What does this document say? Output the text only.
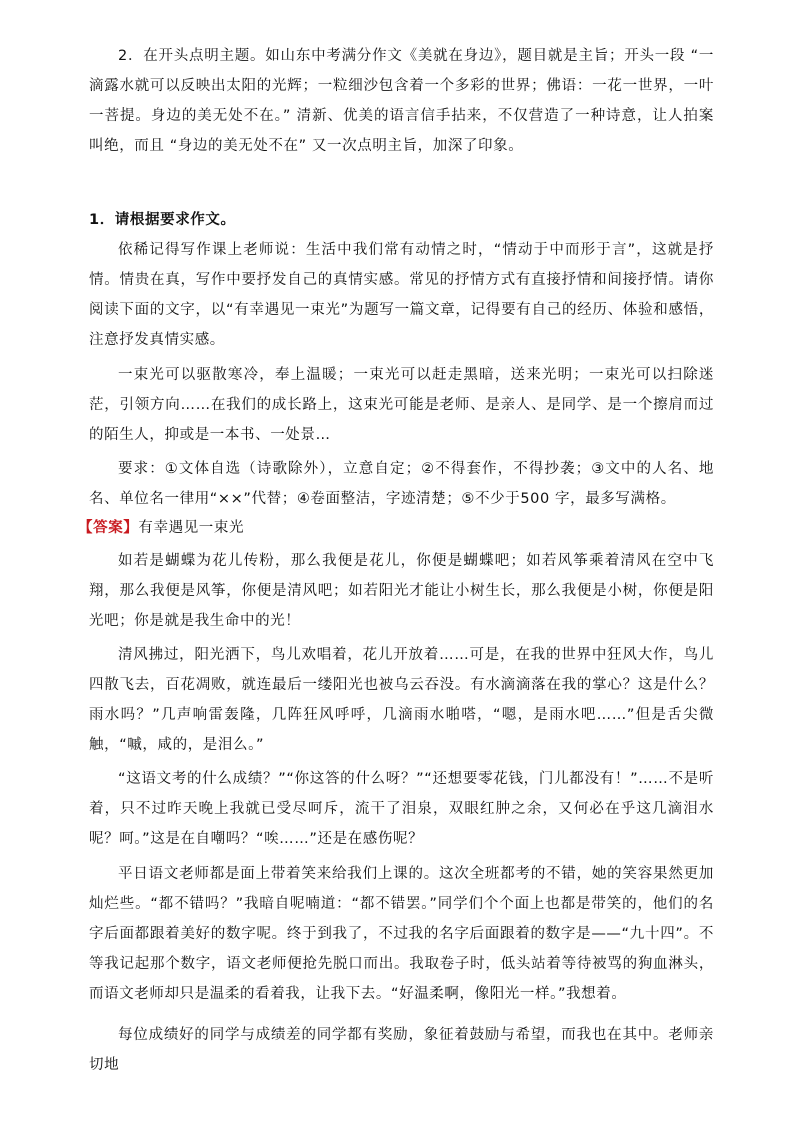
2．在开头点明主题。如山东中考满分作文《美就在身边》，题目就是主旨；开头一段 “一滴露水就可以反映出太阳的光辉；一粒细沙包含着一个多彩的世界；佛语：一花一世界，一叶一菩提。身边的美无处不在。” 清新、优美的语言信手拈来，不仅营造了一种诗意，让人拍案叫绝，而且 “身边的美无处不在” 又一次点明主旨，加深了印象。

1．请根据要求作文。

依稀记得写作课上老师说：生活中我们常有动情之时，“情动于中而形于言”，这就是抒情。情贵在真，写作中要抒发自己的真情实感。常见的抒情方式有直接抒情和间接抒情。请你阅读下面的文字，以“有幸遇见一束光”为题写一篇文章，记得要有自己的经历、体验和感悟，注意抒发真情实感。

一束光可以驱散寒冷，奉上温暖；一束光可以赶走黑暗，送来光明；一束光可以扫除迷茫，引领方向……在我们的成长路上，这束光可能是老师、是亲人、是同学、是一个擦肩而过的陌生人，抑或是一本书、一处景…

要求：①文体自选（诗歌除外），立意自定；②不得套作，不得抄袭；③文中的人名、地名、单位名一律用“××”代替；④卷面整洁，字迹清楚；⑤不少于500 字，最多写满格。

【答案】有幸遇见一束光

如若是蝴蝶为花儿传粉，那么我便是花儿，你便是蝴蝶吧；如若风筝乘着清风在空中飞翔，那么我便是风筝，你便是清风吧；如若阳光才能让小树生长，那么我便是小树，你便是阳光吧；你是就是我生命中的光！

清风拂过，阳光洒下，鸟儿欢唱着，花儿开放着……可是，在我的世界中狂风大作，鸟儿四散飞去，百花凋败，就连最后一缕阳光也被乌云吞没。有水滴滴落在我的掌心？这是什么？雨水吗？”几声响雷轰隆，几阵狂风呼呼，几滴雨水啪嗒，“嗯，是雨水吧……”但是舌尖微触，“嘁，咸的，是泪么。”

“这语文考的什么成绩？”“你这答的什么呀？”“还想要零花钱，门儿都没有！”……不是听着，只不过昨天晚上我就已受尽呵斥，流干了泪泉，双眼红肿之余，又何必在乎这几滴泪水呢？呵。”这是在自嘲吗？“唉……”还是在感伤呢？

平日语文老师都是面上带着笑来给我们上课的。这次全班都考的不错，她的笑容果然更加灿烂些。“都不错吗？”我暗自呢喃道：“都不错罢。”同学们个个面上也都是带笑的，他们的名字后面都跟着美好的数字呢。终于到我了，不过我的名字后面跟着的数字是——“九十四”。不等我记起那个数字，语文老师便抢先脱口而出。我取卷子时，低头站着等待被骂的狗血淋头，而语文老师却只是温柔的看着我，让我下去。“好温柔啊，像阳光一样。”我想着。

每位成绩好的同学与成绩差的同学都有奖励，象征着鼓励与希望，而我也在其中。老师亲切地
